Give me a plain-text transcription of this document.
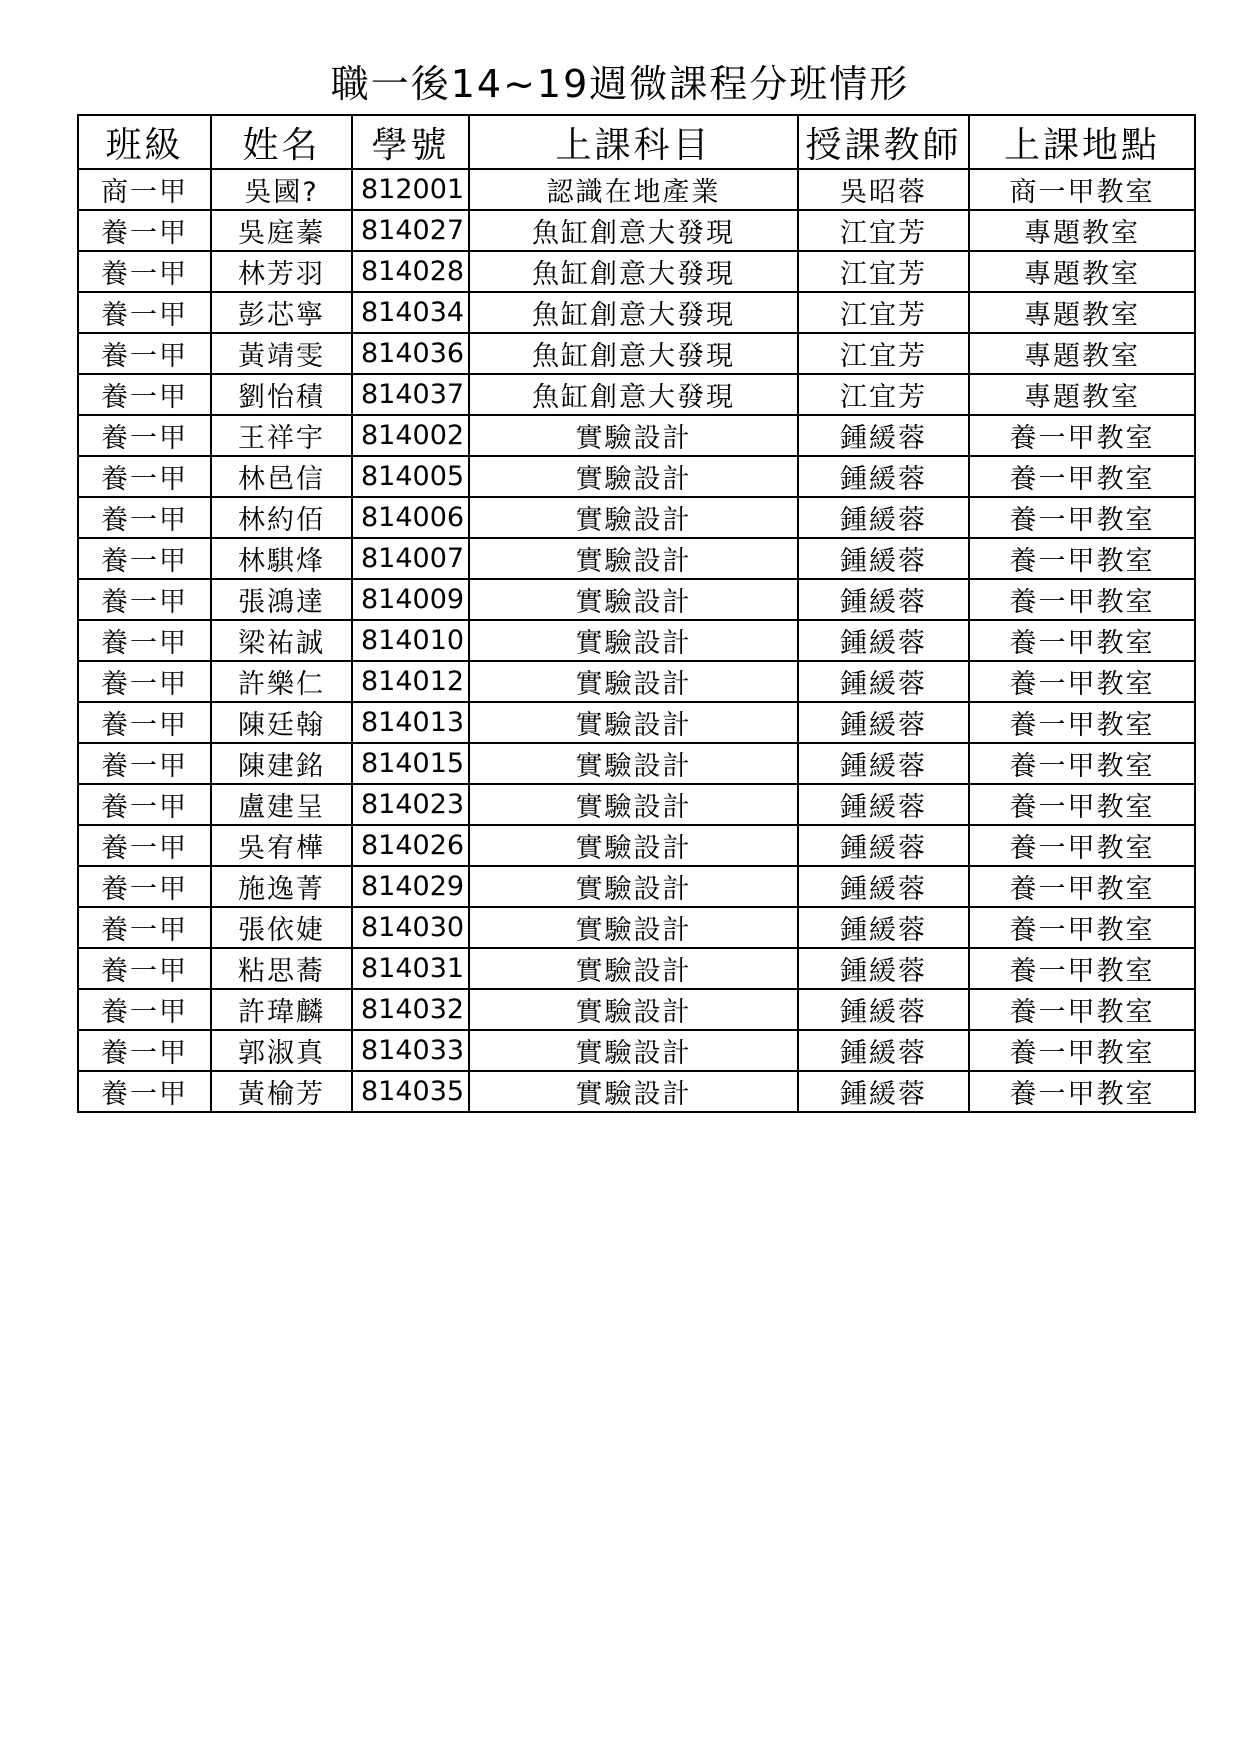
職一後14~19週微課程分班情形
班級	姓名	學號	上課科目	授課教師	上課地點
商一甲	吳國?	812001	認識在地產業	吳昭蓉	商一甲教室
養一甲	吳庭蓁	814027	魚缸創意大發現	江宜芳	專題教室
養一甲	林芳羽	814028	魚缸創意大發現	江宜芳	專題教室
養一甲	彭芯寧	814034	魚缸創意大發現	江宜芳	專題教室
養一甲	黃靖雯	814036	魚缸創意大發現	江宜芳	專題教室
養一甲	劉怡積	814037	魚缸創意大發現	江宜芳	專題教室
養一甲	王祥宇	814002	實驗設計	鍾緩蓉	養一甲教室
養一甲	林邑信	814005	實驗設計	鍾緩蓉	養一甲教室
養一甲	林約佰	814006	實驗設計	鍾緩蓉	養一甲教室
養一甲	林騏烽	814007	實驗設計	鍾緩蓉	養一甲教室
養一甲	張鴻達	814009	實驗設計	鍾緩蓉	養一甲教室
養一甲	梁祐誠	814010	實驗設計	鍾緩蓉	養一甲教室
養一甲	許樂仁	814012	實驗設計	鍾緩蓉	養一甲教室
養一甲	陳廷翰	814013	實驗設計	鍾緩蓉	養一甲教室
養一甲	陳建銘	814015	實驗設計	鍾緩蓉	養一甲教室
養一甲	盧建呈	814023	實驗設計	鍾緩蓉	養一甲教室
養一甲	吳宥樺	814026	實驗設計	鍾緩蓉	養一甲教室
養一甲	施逸菁	814029	實驗設計	鍾緩蓉	養一甲教室
養一甲	張依婕	814030	實驗設計	鍾緩蓉	養一甲教室
養一甲	粘思蕎	814031	實驗設計	鍾緩蓉	養一甲教室
養一甲	許瑋麟	814032	實驗設計	鍾緩蓉	養一甲教室
養一甲	郭淑真	814033	實驗設計	鍾緩蓉	養一甲教室
養一甲	黃榆芳	814035	實驗設計	鍾緩蓉	養一甲教室
